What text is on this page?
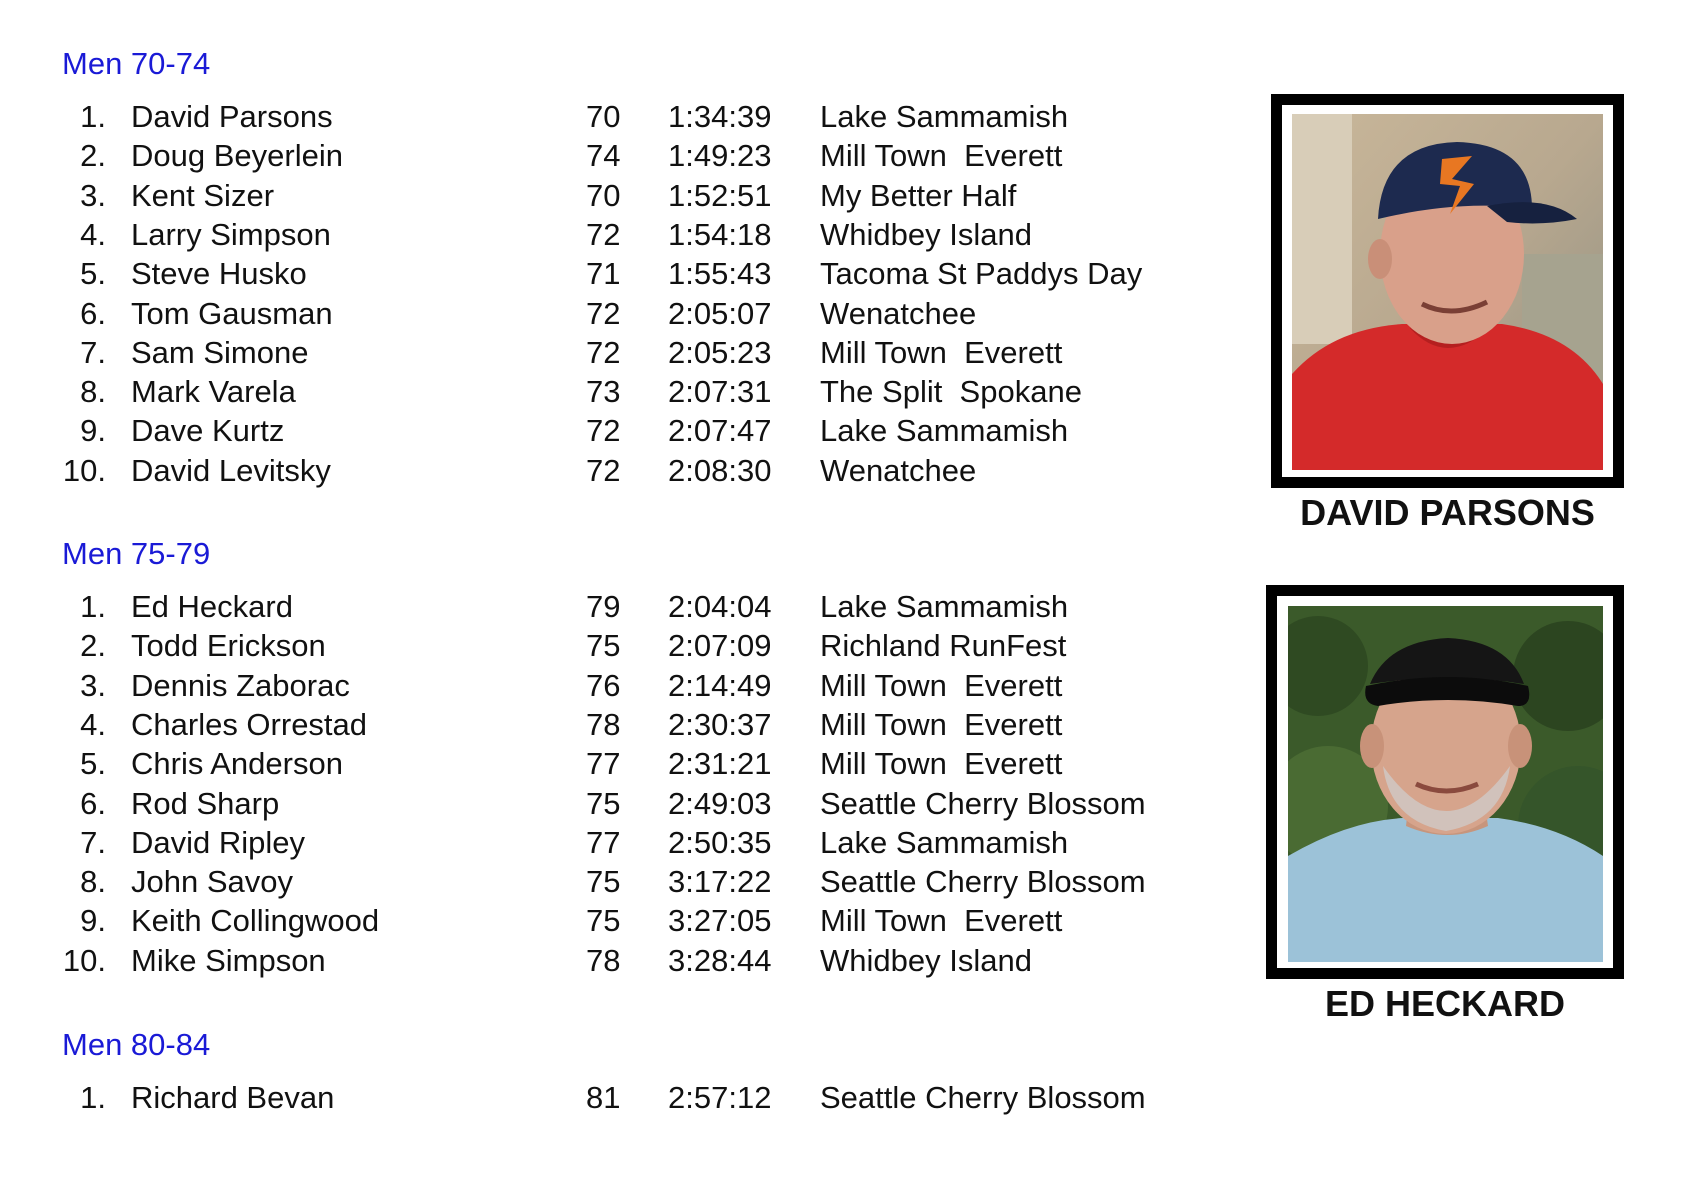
Men 70-74
1. David Parsons	70 1:34:39 Lake Sammamish
2. Doug Beyerlein	74 1:49:23 Mill Town  Everett
3. Kent Sizer	70 1:52:51 My Better Half
4. Larry Simpson	72 1:54:18 Whidbey Island
5. Steve Husko	71 1:55:43 Tacoma St Paddys Day
6. Tom Gausman	72 2:05:07 Wenatchee
7. Sam Simone	72 2:05:23 Mill Town  Everett
8. Mark Varela	73 2:07:31 The Split  Spokane
9. Dave Kurtz	72 2:07:47 Lake Sammamish
10. David Levitsky	72 2:08:30 Wenatchee
Men 75-79
1. Ed Heckard	79 2:04:04 Lake Sammamish
2. Todd Erickson	75 2:07:09 Richland RunFest
3. Dennis Zaborac	76 2:14:49 Mill Town  Everett
4. Charles Orrestad	78 2:30:37 Mill Town  Everett
5. Chris Anderson	77 2:31:21 Mill Town  Everett
6. Rod Sharp	75 2:49:03 Seattle Cherry Blossom
7. David Ripley	77 2:50:35 Lake Sammamish
8. John Savoy	75 3:17:22 Seattle Cherry Blossom
9. Keith Collingwood	75 3:27:05 Mill Town  Everett
10. Mike Simpson	78 3:28:44 Whidbey Island
Men 80-84
1. Richard Bevan	81 2:57:12 Seattle Cherry Blossom
DAVID PARSONS
ED HECKARD
